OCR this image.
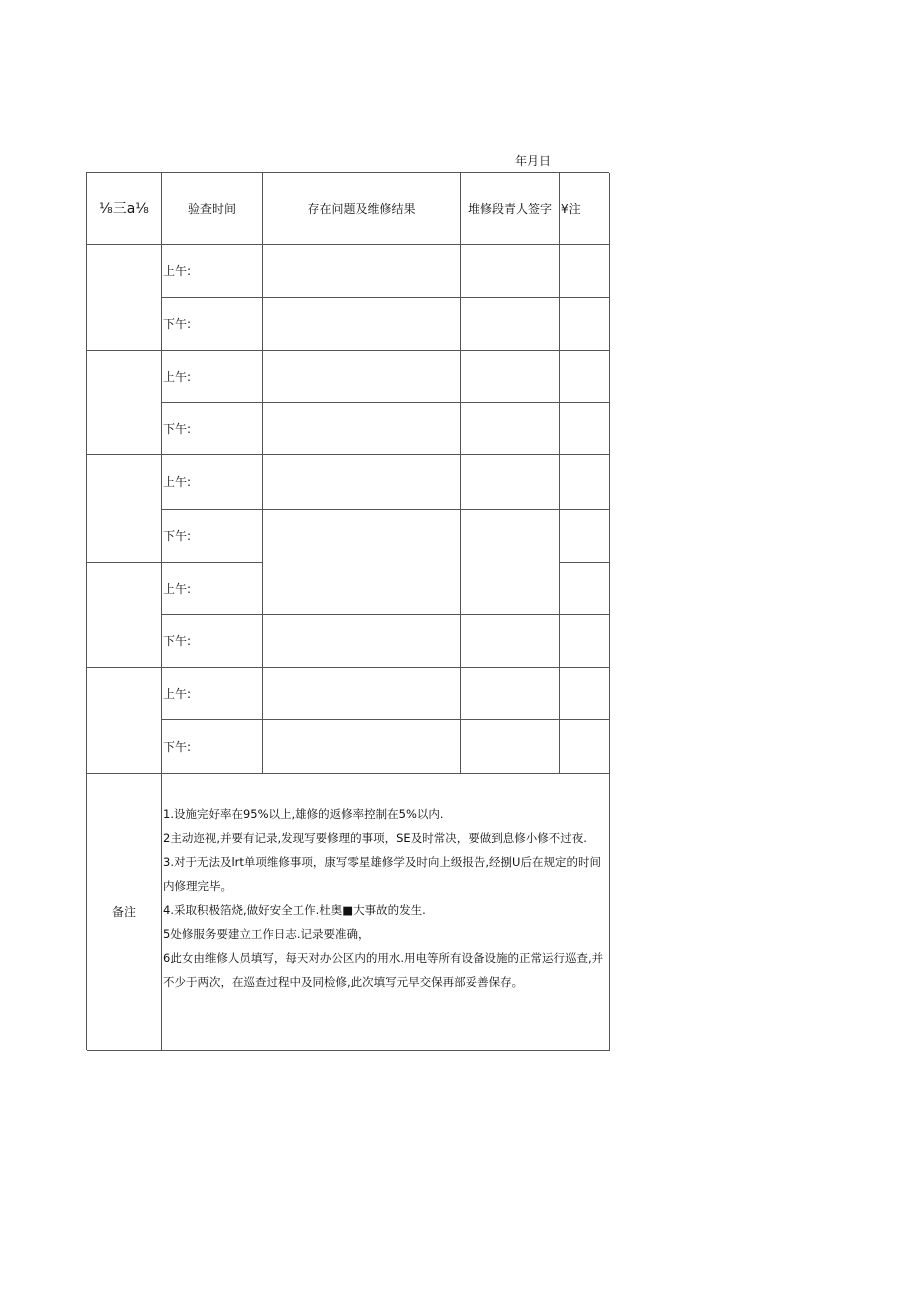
年月日
⅛三a⅛	验查时间	存在问题及维修结果	堆修段青人签字 ¥注
上午:
下午:
上午:
下午:
上午:
下午:
上午:
下午:
上午:
下午:
备注
1.设施完好率在95%以上,雄修的返修率控制在5%以内.
2主动迩视,并要有记录,发现写要修理的事项，SE及时常决，要做到息修小修不过夜.
3.对于无法及lrt单项维修事项，康写零星雄修学及时向上级报告,经捌U后在规定的时间内修理完毕。
4.采取积极箔烧,做好安全工作.杜奥■大事故的发生.
5处修服务要建立工作日志.记录要准确，
6此女由维修人员填写，每天对办公区内的用水.用电等所有设备设施的正常运行巡查,并不少于两次，在巡查过程中及同检修,此次填写元早交保再部妥善保存。
